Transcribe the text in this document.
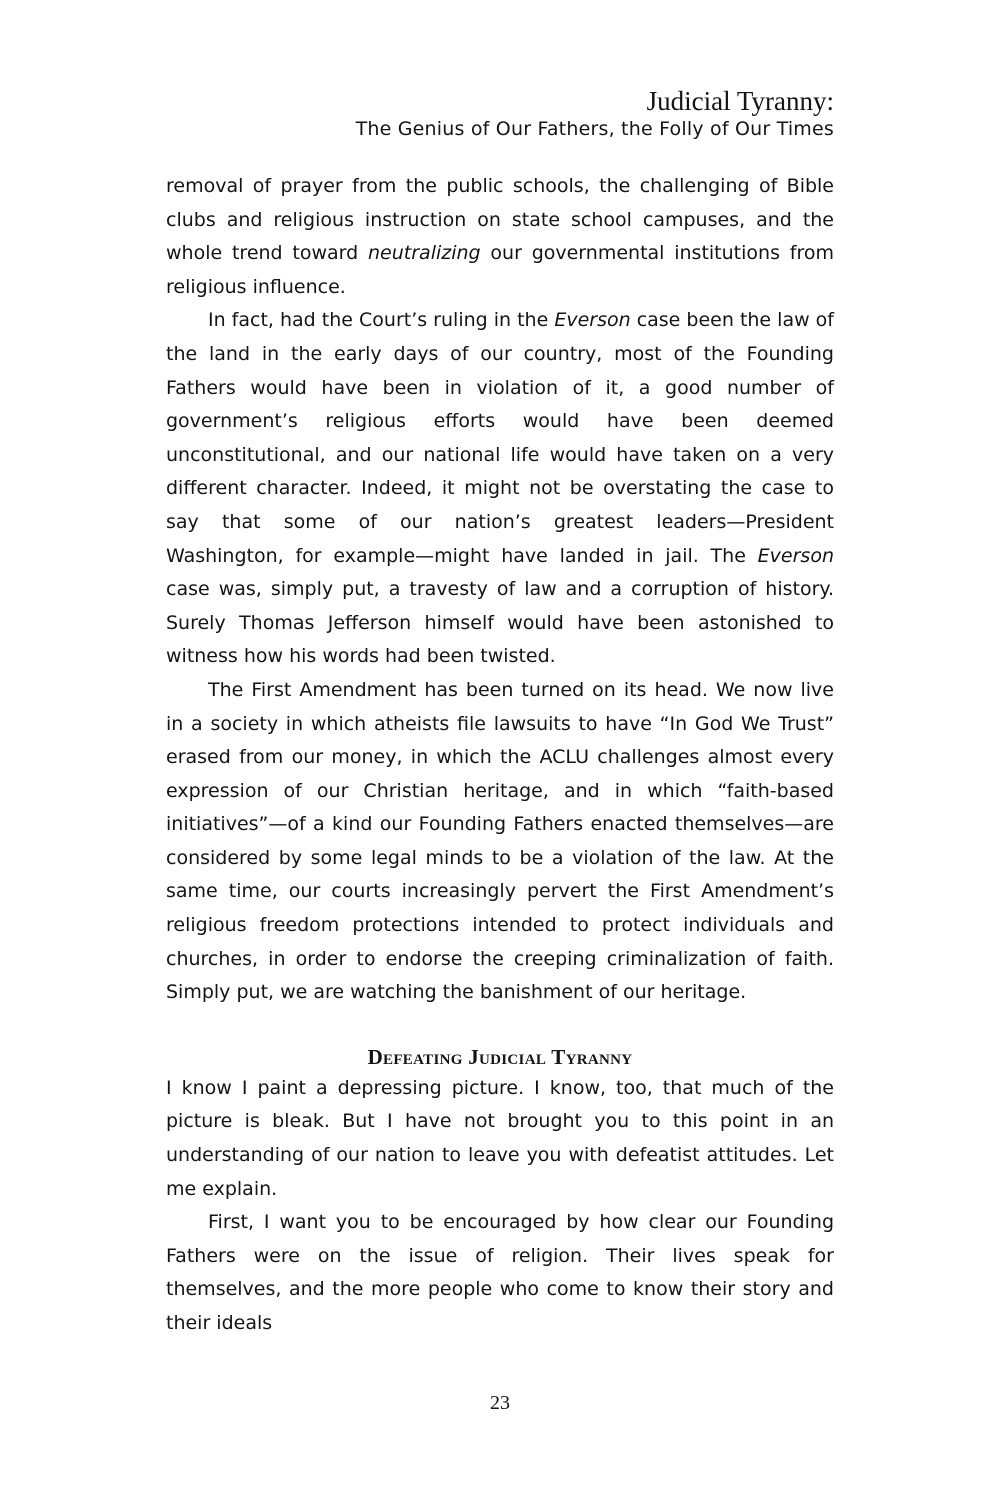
Judicial Tyranny:
The Genius of Our Fathers, the Folly of Our Times

removal of prayer from the public schools, the challenging of Bible clubs and religious instruction on state school campuses, and the whole trend toward neutralizing our governmental institutions from religious influence.

In fact, had the Court’s ruling in the Everson case been the law of the land in the early days of our country, most of the Founding Fathers would have been in violation of it, a good number of government’s religious efforts would have been deemed unconstitutional, and our national life would have taken on a very different character. Indeed, it might not be overstating the case to say that some of our nation’s greatest leaders—President Washington, for example—might have landed in jail. The Everson case was, simply put, a travesty of law and a corruption of history. Surely Thomas Jefferson himself would have been astonished to witness how his words had been twisted.

The First Amendment has been turned on its head. We now live in a society in which atheists file lawsuits to have “In God We Trust” erased from our money, in which the ACLU challenges almost every expression of our Christian heritage, and in which “faith-based initiatives”—of a kind our Founding Fathers enacted themselves—are considered by some legal minds to be a violation of the law. At the same time, our courts increasingly pervert the First Amendment’s religious freedom protections intended to protect individuals and churches, in order to endorse the creeping criminalization of faith. Simply put, we are watching the banishment of our heritage.

Defeating Judicial Tyranny

I know I paint a depressing picture. I know, too, that much of the picture is bleak. But I have not brought you to this point in an understanding of our nation to leave you with defeatist attitudes. Let me explain.

First, I want you to be encouraged by how clear our Founding Fathers were on the issue of religion. Their lives speak for themselves, and the more people who come to know their story and their ideals

23
